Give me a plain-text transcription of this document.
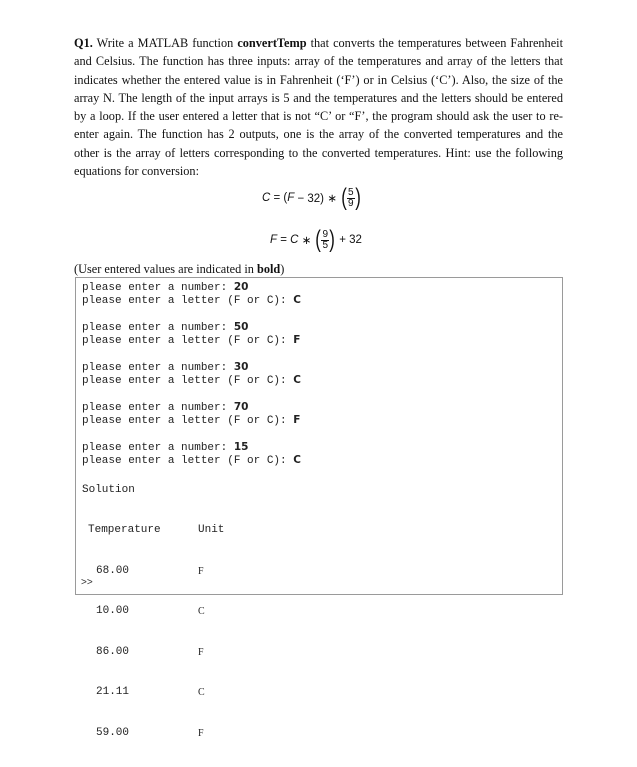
Q1. Write a MATLAB function convertTemp that converts the temperatures between Fahrenheit and Celsius. The function has three inputs: array of the temperatures and array of the letters that indicates whether the entered value is in Fahrenheit (‘F’) or in Celsius (‘C’). Also, the size of the array N. The length of the input arrays is 5 and the temperatures and the letters should be entered by a loop. If the user entered a letter that is not “C’ or “F’, the program should ask the user to re-enter again. The function has 2 outputs, one is the array of the converted temperatures and the other is the array of letters corresponding to the converted temperatures. Hint: use the following equations for conversion:

C = ( F − 32) ∗ ( $\frac{5}{9}$ )
F = C ∗ ( $\frac{9}{5}$ ) + 32
(User entered values are indicated in bold)

please enter a number: 20

please enter a letter (F or C): C

please enter a number: 50

please enter a letter (F or C): F

please enter a number: 30

please enter a letter (F or C): C

please enter a number: 70

please enter a letter (F or C): F

please enter a number: 15

please enter a letter (F or C): C

Solution

Temperature

68.00

10.00

86.00

21.11

59.00

Unit

F

C

F

C

F

>>
